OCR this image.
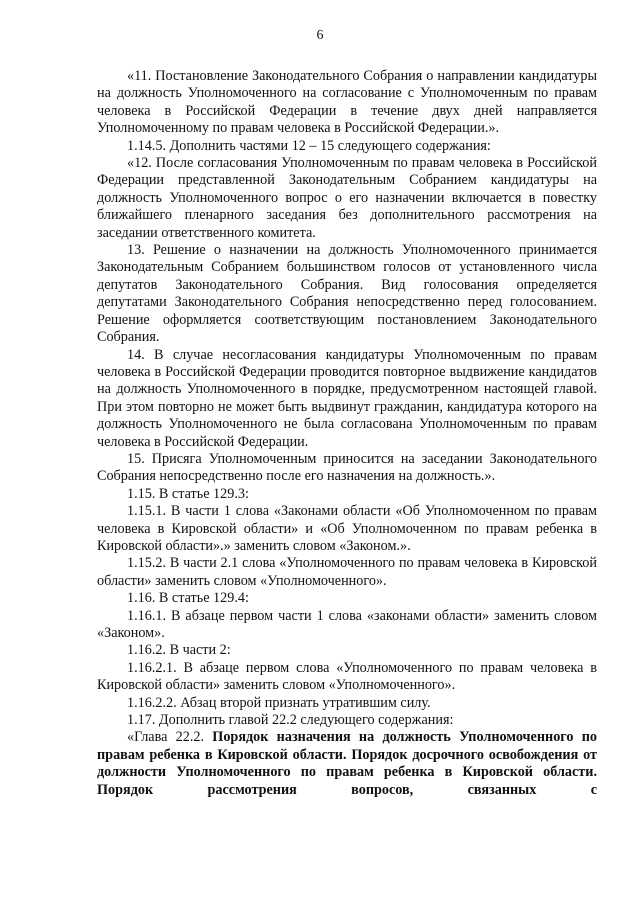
6

«11. Постановление Законодательного Собрания о направлении кандидатуры на должность Уполномоченного на согласование с Уполномоченным по правам человека в Российской Федерации в течение двух дней направляется Уполномоченному по правам человека в Российской Федерации.».

1.14.5. Дополнить частями 12 – 15 следующего содержания:

«12. После согласования Уполномоченным по правам человека в Российской Федерации представленной Законодательным Собранием кандидатуры на должность Уполномоченного вопрос о его назначении включается в повестку ближайшего пленарного заседания без дополнительного рассмотрения на заседании ответственного комитета.

13. Решение о назначении на должность Уполномоченного принимается Законодательным Собранием большинством голосов от установленного числа депутатов Законодательного Собрания. Вид голосования определяется депутатами Законодательного Собрания непосредственно перед голосованием. Решение оформляется соответствующим постановлением Законодательного Собрания.

14. В случае несогласования кандидатуры Уполномоченным по правам человека в Российской Федерации проводится повторное выдвижение кандидатов на должность Уполномоченного в порядке, предусмотренном настоящей главой. При этом повторно не может быть выдвинут гражданин, кандидатура которого на должность Уполномоченного не была согласована Уполномоченным по правам человека в Российской Федерации.

15. Присяга Уполномоченным приносится на заседании Законодательного Собрания непосредственно после его назначения на должность.».

1.15. В статье 129.3:

1.15.1. В части 1 слова «Законами области «Об Уполномоченном по правам человека в Кировской области» и «Об Уполномоченном по правам ребенка в Кировской области».» заменить словом «Законом.».

1.15.2. В части 2.1 слова «Уполномоченного по правам человека в Кировской области» заменить словом «Уполномоченного».

1.16. В статье 129.4:

1.16.1. В абзаце первом части 1 слова «законами области» заменить словом «Законом».

1.16.2. В части 2:

1.16.2.1. В абзаце первом слова «Уполномоченного по правам человека в Кировской области» заменить словом «Уполномоченного».

1.16.2.2. Абзац второй признать утратившим силу.

1.17. Дополнить главой 22.2 следующего содержания:

«Глава 22.2. Порядок назначения на должность Уполномоченного по правам ребенка в Кировской области. Порядок досрочного освобождения от должности Уполномоченного по правам ребенка в Кировской области. Порядок рассмотрения вопросов, связанных с
